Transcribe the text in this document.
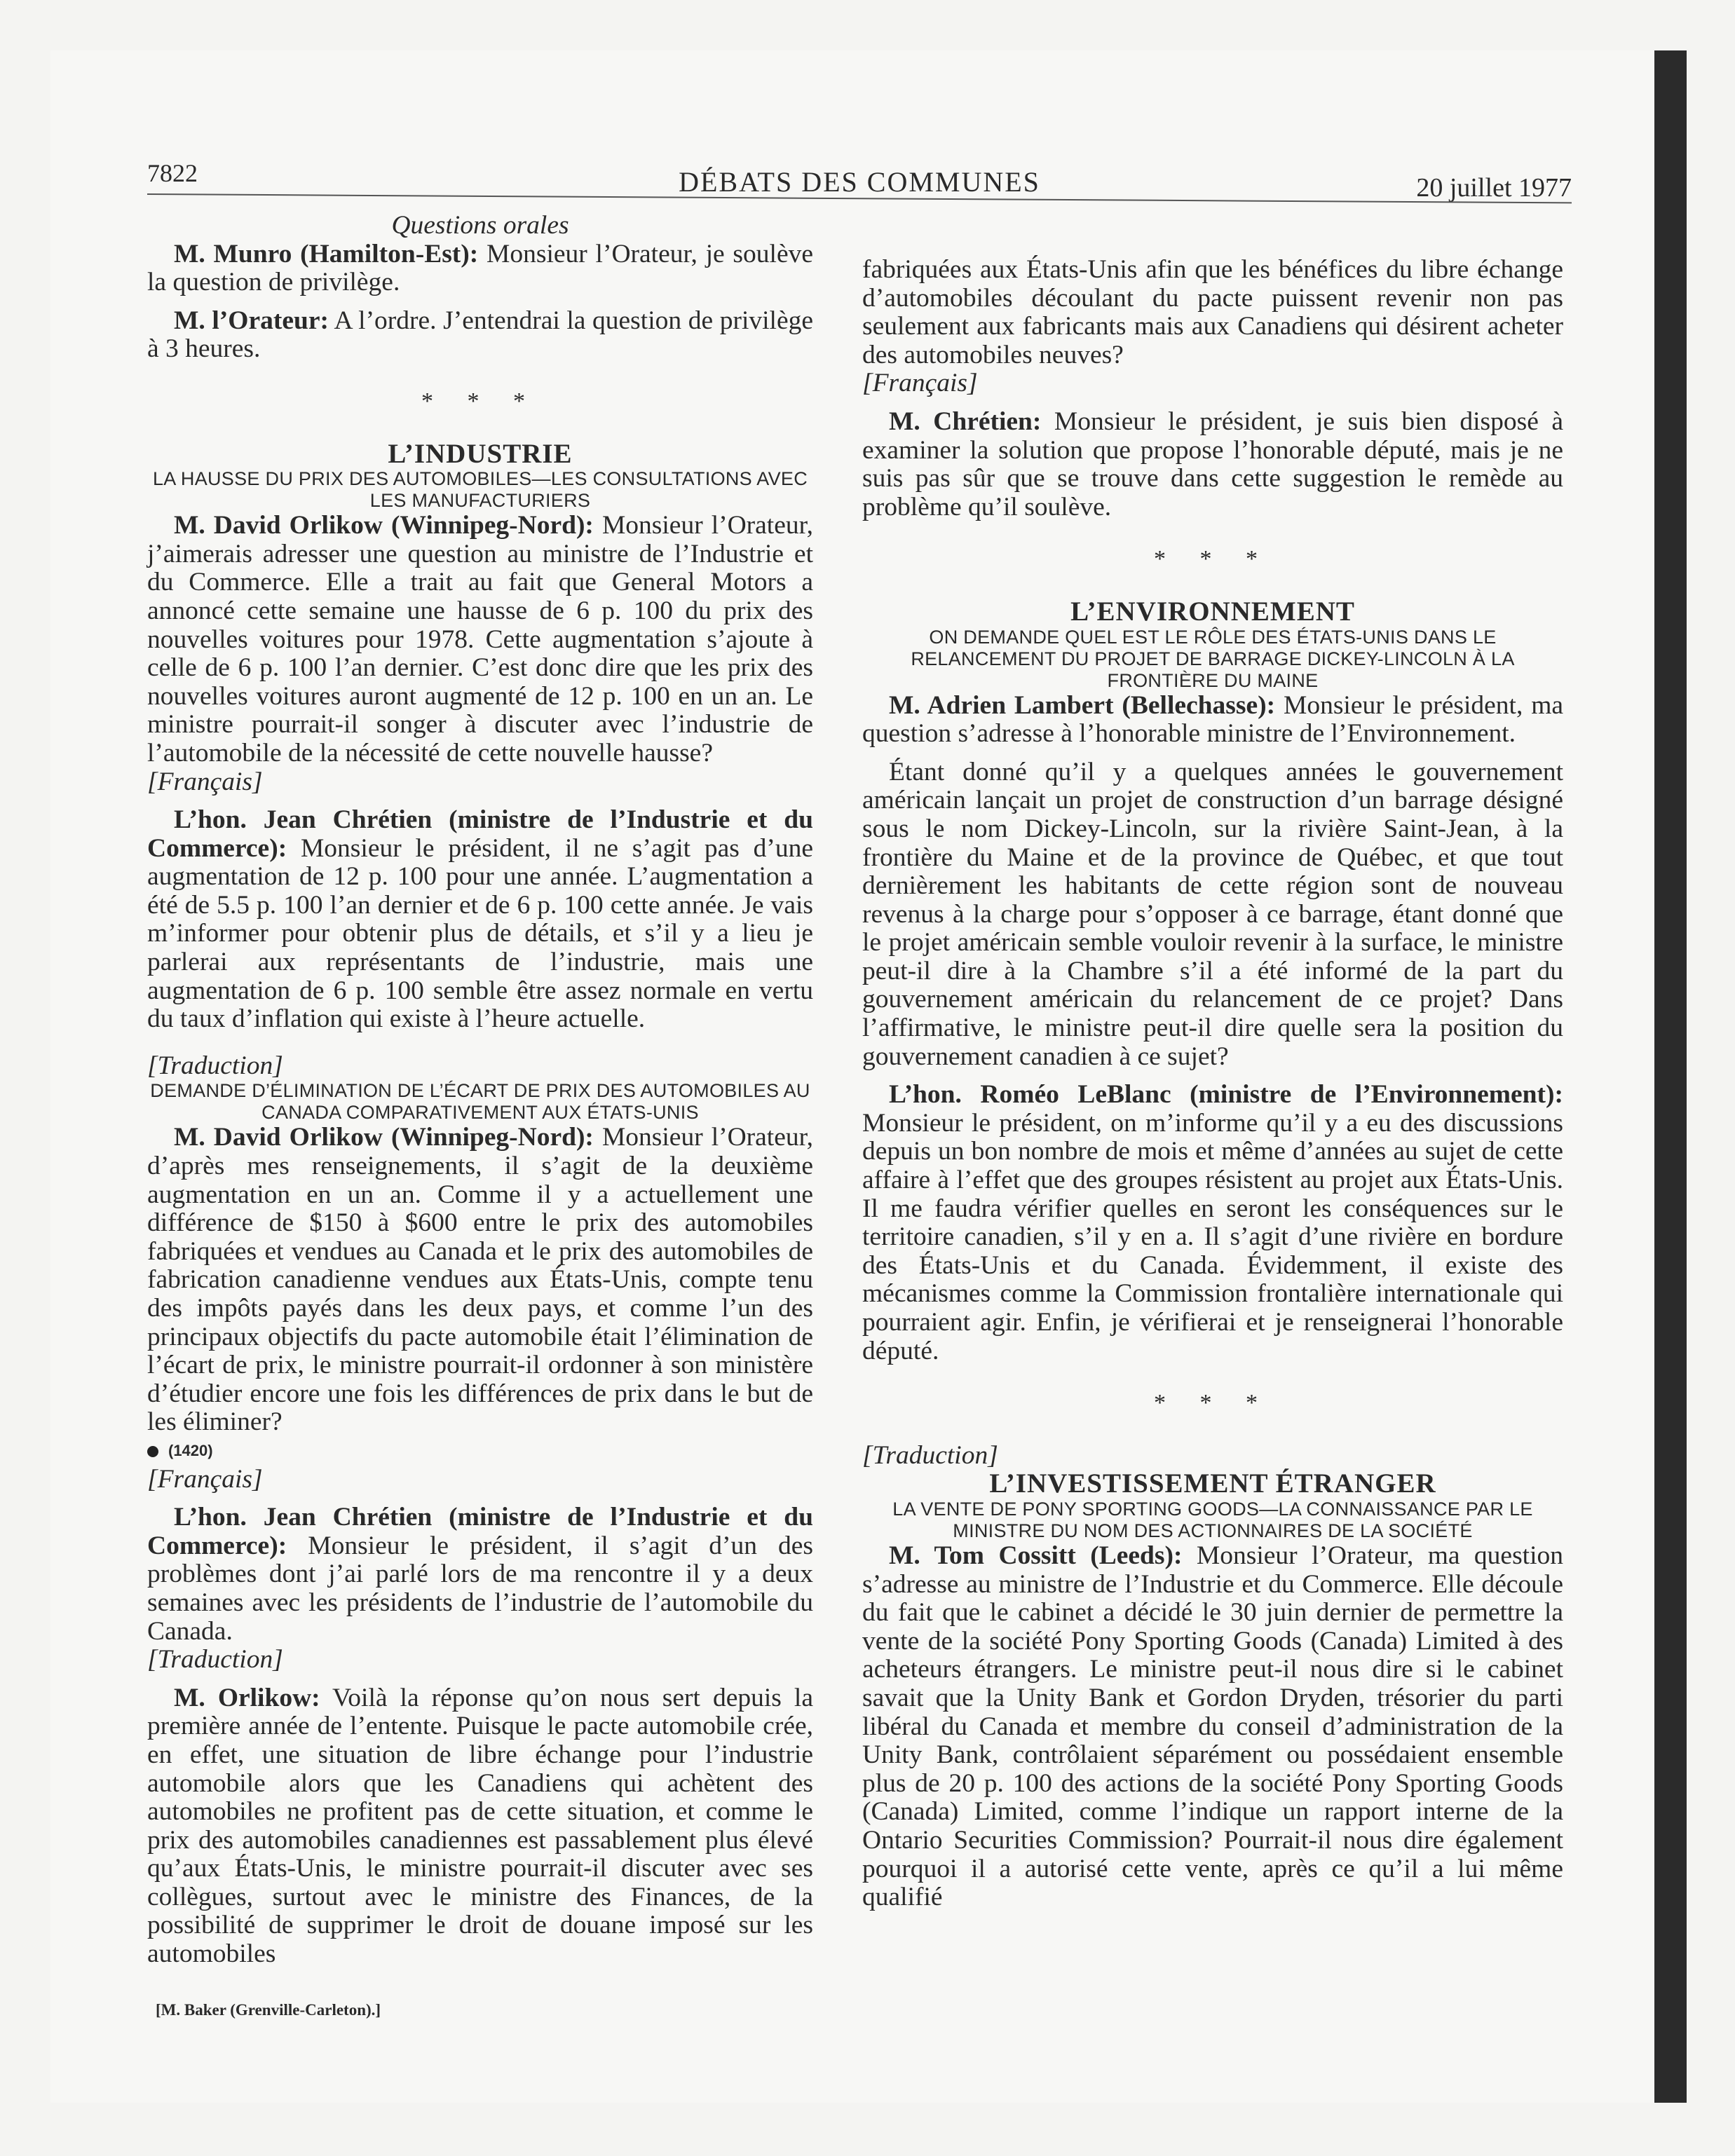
7822	DÉBATS DES COMMUNES	20 juillet 1977

Questions orales

M. Munro (Hamilton-Est): Monsieur l’Orateur, je soulève la question de privilège.

M. l’Orateur: A l’ordre. J’entendrai la question de privilège à 3 heures.

* * *

L’INDUSTRIE

LA HAUSSE DU PRIX DES AUTOMOBILES—LES CONSULTATIONS AVEC LES MANUFACTURIERS

M. David Orlikow (Winnipeg-Nord): Monsieur l’Orateur, j’aimerais adresser une question au ministre de l’Industrie et du Commerce. Elle a trait au fait que General Motors a annoncé cette semaine une hausse de 6 p. 100 du prix des nouvelles voitures pour 1978. Cette augmentation s’ajoute à celle de 6 p. 100 l’an dernier. C’est donc dire que les prix des nouvelles voitures auront augmenté de 12 p. 100 en un an. Le ministre pourrait-il songer à discuter avec l’industrie de l’automobile de la nécessité de cette nouvelle hausse?

[Français]

L’hon. Jean Chrétien (ministre de l’Industrie et du Commerce): Monsieur le président, il ne s’agit pas d’une augmentation de 12 p. 100 pour une année. L’augmentation a été de 5.5 p. 100 l’an dernier et de 6 p. 100 cette année. Je vais m’informer pour obtenir plus de détails, et s’il y a lieu je parlerai aux représentants de l’industrie, mais une augmentation de 6 p. 100 semble être assez normale en vertu du taux d’inflation qui existe à l’heure actuelle.

[Traduction]

DEMANDE D’ÉLIMINATION DE L’ÉCART DE PRIX DES AUTOMOBILES AU CANADA COMPARATIVEMENT AUX ÉTATS-UNIS

M. David Orlikow (Winnipeg-Nord): Monsieur l’Orateur, d’après mes renseignements, il s’agit de la deuxième augmentation en un an. Comme il y a actuellement une différence de $150 à $600 entre le prix des automobiles fabriquées et vendues au Canada et le prix des automobiles de fabrication canadienne vendues aux États-Unis, compte tenu des impôts payés dans les deux pays, et comme l’un des principaux objectifs du pacte automobile était l’élimination de l’écart de prix, le ministre pourrait-il ordonner à son ministère d’étudier encore une fois les différences de prix dans le but de les éliminer?

(1420)

[Français]

L’hon. Jean Chrétien (ministre de l’Industrie et du Commerce): Monsieur le président, il s’agit d’un des problèmes dont j’ai parlé lors de ma rencontre il y a deux semaines avec les présidents de l’industrie de l’automobile du Canada.

[Traduction]

M. Orlikow: Voilà la réponse qu’on nous sert depuis la première année de l’entente. Puisque le pacte automobile crée, en effet, une situation de libre échange pour l’industrie automobile alors que les Canadiens qui achètent des automobiles ne profitent pas de cette situation, et comme le prix des automobiles canadiennes est passablement plus élevé qu’aux États-Unis, le ministre pourrait-il discuter avec ses collègues, surtout avec le ministre des Finances, de la possibilité de supprimer le droit de douane imposé sur les automobiles

fabriquées aux États-Unis afin que les bénéfices du libre échange d’automobiles découlant du pacte puissent revenir non pas seulement aux fabricants mais aux Canadiens qui désirent acheter des automobiles neuves?

[Français]

M. Chrétien: Monsieur le président, je suis bien disposé à examiner la solution que propose l’honorable député, mais je ne suis pas sûr que se trouve dans cette suggestion le remède au problème qu’il soulève.

* * *

L’ENVIRONNEMENT

ON DEMANDE QUEL EST LE RÔLE DES ÉTATS-UNIS DANS LE RELANCEMENT DU PROJET DE BARRAGE DICKEY-LINCOLN À LA FRONTIÈRE DU MAINE

M. Adrien Lambert (Bellechasse): Monsieur le président, ma question s’adresse à l’honorable ministre de l’Environnement.

Étant donné qu’il y a quelques années le gouvernement américain lançait un projet de construction d’un barrage désigné sous le nom Dickey-Lincoln, sur la rivière Saint-Jean, à la frontière du Maine et de la province de Québec, et que tout dernièrement les habitants de cette région sont de nouveau revenus à la charge pour s’opposer à ce barrage, étant donné que le projet américain semble vouloir revenir à la surface, le ministre peut-il dire à la Chambre s’il a été informé de la part du gouvernement américain du relancement de ce projet? Dans l’affirmative, le ministre peut-il dire quelle sera la position du gouvernement canadien à ce sujet?

L’hon. Roméo LeBlanc (ministre de l’Environnement): Monsieur le président, on m’informe qu’il y a eu des discussions depuis un bon nombre de mois et même d’années au sujet de cette affaire à l’effet que des groupes résistent au projet aux États-Unis. Il me faudra vérifier quelles en seront les conséquences sur le territoire canadien, s’il y en a. Il s’agit d’une rivière en bordure des États-Unis et du Canada. Évidemment, il existe des mécanismes comme la Commission frontalière internationale qui pourraient agir. Enfin, je vérifierai et je renseignerai l’honorable député.

* * *

[Traduction]

L’INVESTISSEMENT ÉTRANGER

LA VENTE DE PONY SPORTING GOODS—LA CONNAISSANCE PAR LE MINISTRE DU NOM DES ACTIONNAIRES DE LA SOCIÉTÉ

M. Tom Cossitt (Leeds): Monsieur l’Orateur, ma question s’adresse au ministre de l’Industrie et du Commerce. Elle découle du fait que le cabinet a décidé le 30 juin dernier de permettre la vente de la société Pony Sporting Goods (Canada) Limited à des acheteurs étrangers. Le ministre peut-il nous dire si le cabinet savait que la Unity Bank et Gordon Dryden, trésorier du parti libéral du Canada et membre du conseil d’administration de la Unity Bank, contrôlaient séparément ou possédaient ensemble plus de 20 p. 100 des actions de la société Pony Sporting Goods (Canada) Limited, comme l’indique un rapport interne de la Ontario Securities Commission? Pourrait-il nous dire également pourquoi il a autorisé cette vente, après ce qu’il a lui même qualifié

[M. Baker (Grenville-Carleton).]
